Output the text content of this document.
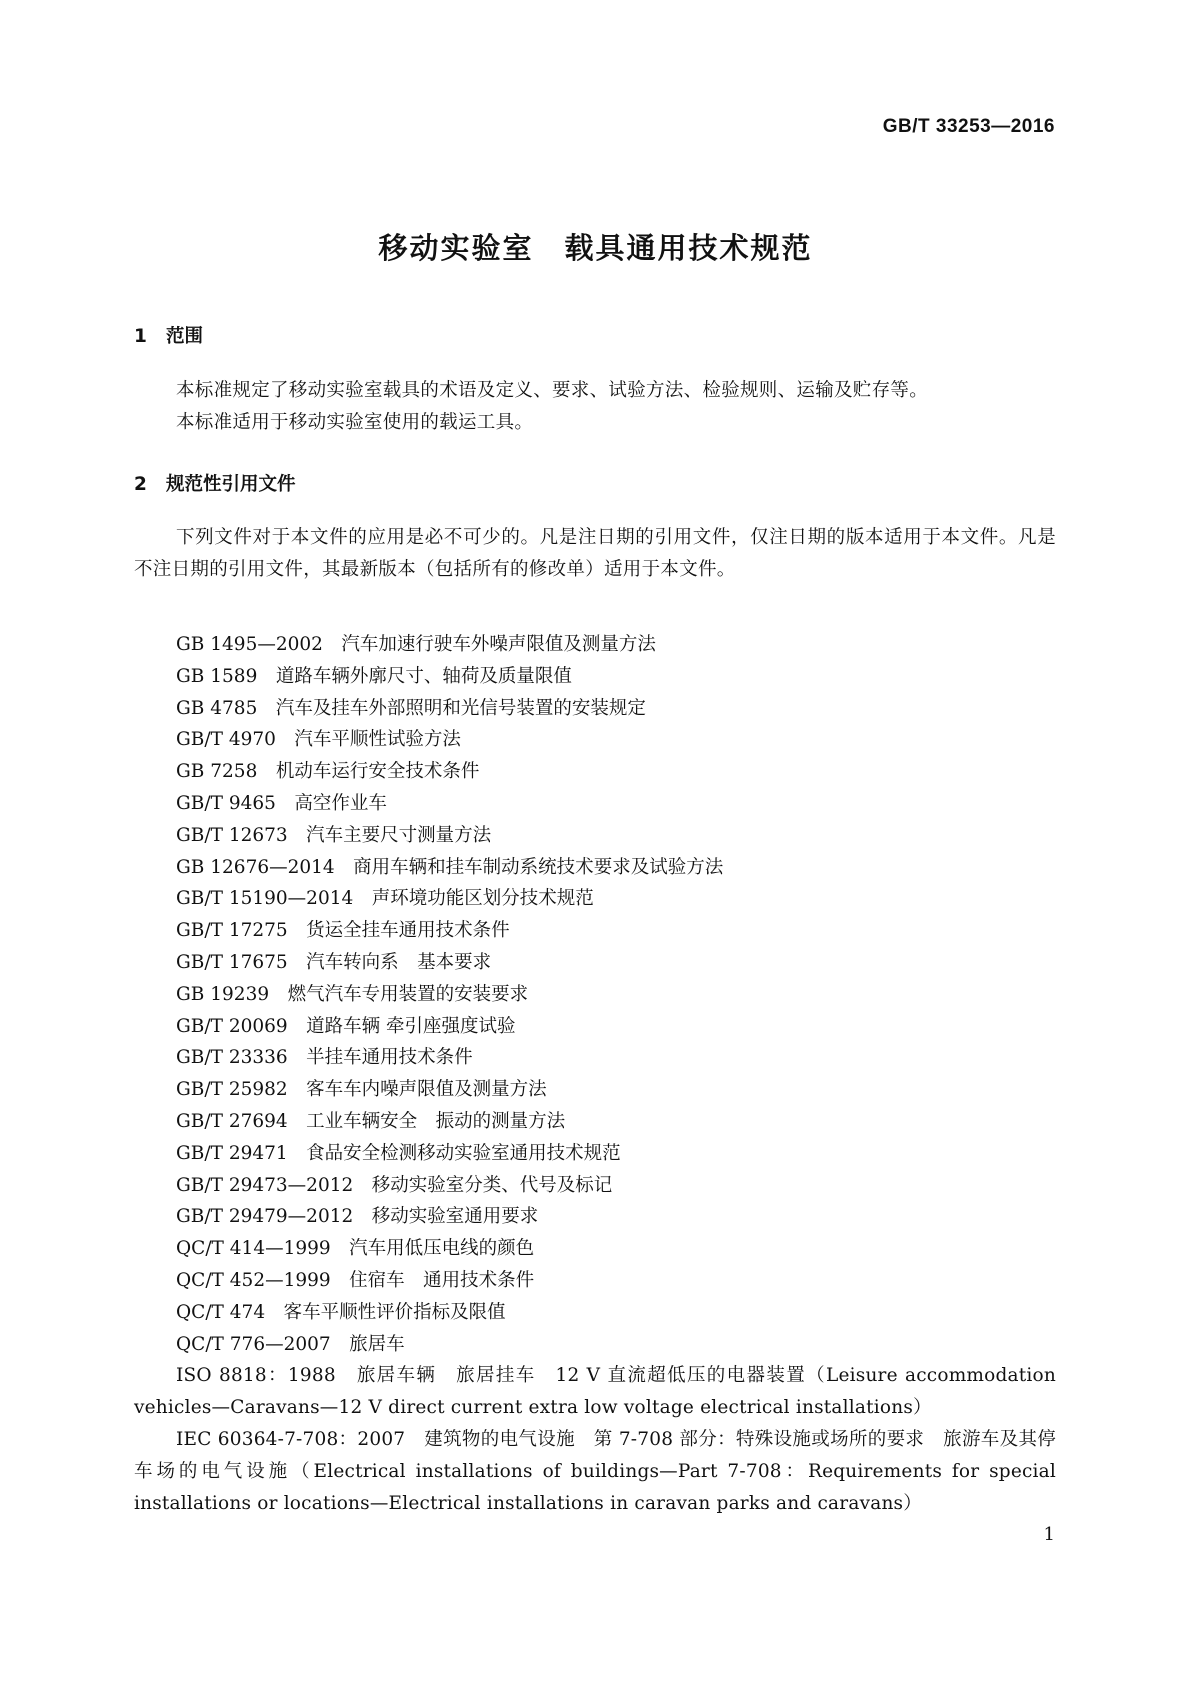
GB/T 33253—2016
移动实验室　载具通用技术规范
1 范围

本标准规定了移动实验室载具的术语及定义、要求、试验方法、检验规则、运输及贮存等。

本标准适用于移动实验室使用的载运工具。

2 规范性引用文件

下列文件对于本文件的应用是必不可少的。凡是注日期的引用文件，仅注日期的版本适用于本文件。凡是不注日期的引用文件，其最新版本（包括所有的修改单）适用于本文件。

GB 1495—2002　汽车加速行驶车外噪声限值及测量方法
GB 1589　道路车辆外廓尺寸、轴荷及质量限值
GB 4785　汽车及挂车外部照明和光信号装置的安装规定
GB/T 4970　汽车平顺性试验方法
GB 7258　机动车运行安全技术条件
GB/T 9465　高空作业车
GB/T 12673　汽车主要尺寸测量方法
GB 12676—2014　商用车辆和挂车制动系统技术要求及试验方法
GB/T 15190—2014　声环境功能区划分技术规范
GB/T 17275　货运全挂车通用技术条件
GB/T 17675　汽车转向系　基本要求
GB 19239　燃气汽车专用装置的安装要求
GB/T 20069　道路车辆 牵引座强度试验
GB/T 23336　半挂车通用技术条件
GB/T 25982　客车车内噪声限值及测量方法
GB/T 27694　工业车辆安全　振动的测量方法
GB/T 29471　食品安全检测移动实验室通用技术规范
GB/T 29473—2012　移动实验室分类、代号及标记
GB/T 29479—2012　移动实验室通用要求
QC/T 414—1999　汽车用低压电线的颜色
QC/T 452—1999　住宿车　通用技术条件
QC/T 474　客车平顺性评价指标及限值
QC/T 776—2007　旅居车
ISO 8818：1988　旅居车辆　旅居挂车　12 V 直流超低压的电器装置（Leisure accommodation vehicles—Caravans—12 V direct current extra low voltage electrical installations）
IEC 60364-7-708：2007　建筑物的电气设施　第 7-708 部分：特殊设施或场所的要求　旅游车及其停车场的电气设施（Electrical installations of buildings—Part 7-708：Requirements for special installations or locations—Electrical installations in caravan parks and caravans）
1
